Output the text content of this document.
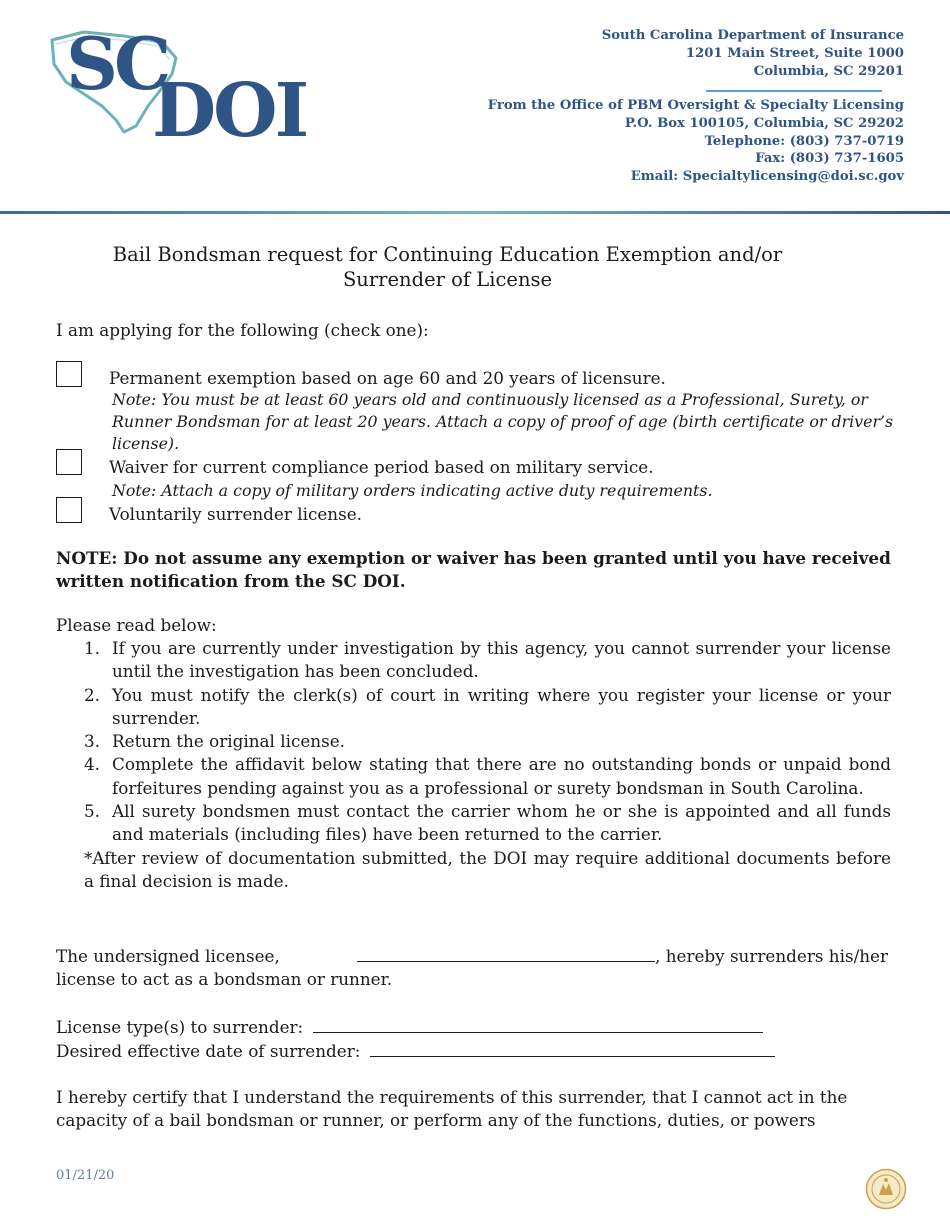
SC
DOI
South Carolina Department of Insurance
1201 Main Street, Suite 1000
Columbia, SC 29201
From the Office of PBM Oversight & Specialty Licensing
P.O. Box 100105, Columbia, SC 29202
Telephone: (803) 737-0719
Fax: (803) 737-1605
Email: Specialtylicensing@doi.sc.gov
Bail Bondsman request for Continuing Education Exemption and/or
Surrender of License
I am applying for the following (check one):
Permanent exemption based on age 60 and 20 years of licensure.
Note: You must be at least 60 years old and continuously licensed as a Professional, Surety, or Runner Bondsman for at least 20 years. Attach a copy of proof of age (birth certificate or driver’s license).
Waiver for current compliance period based on military service.
Note: Attach a copy of military orders indicating active duty requirements.
Voluntarily surrender license.
NOTE: Do not assume any exemption or waiver has been granted until you have received written notification from the SC DOI.
Please read below:
1. If you are currently under investigation by this agency, you cannot surrender your license until the investigation has been concluded.
2. You must notify the clerk(s) of court in writing where you register your license or your surrender.
3. Return the original license.
4. Complete the affidavit below stating that there are no outstanding bonds or unpaid bond forfeitures pending against you as a professional or surety bondsman in South Carolina.
5. All surety bondsmen must contact the carrier whom he or she is appointed and all funds and materials (including files) have been returned to the carrier.
*After review of documentation submitted, the DOI may require additional documents before a final decision is made.
The undersigned licensee,	, hereby surrenders his/her
license to act as a bondsman or runner.
License type(s) to surrender:
Desired effective date of surrender:
I hereby certify that I understand the requirements of this surrender, that I cannot act in the
capacity of a bail bondsman or runner, or perform any of the functions, duties, or powers
01/21/20
